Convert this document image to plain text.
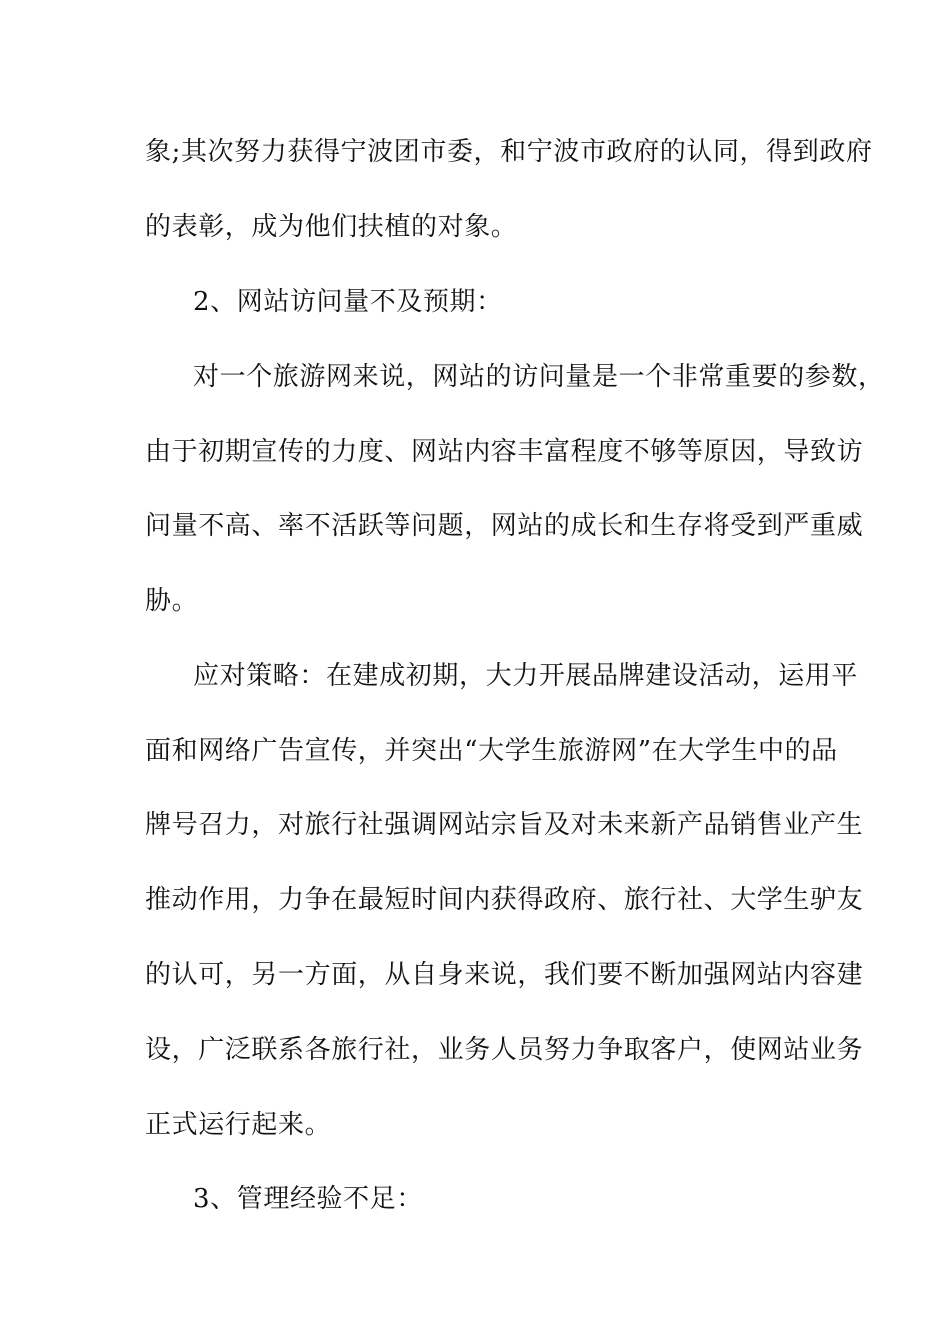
象;其次努力获得宁波团市委，和宁波市政府的认同，得到政府
的表彰，成为他们扶植的对象。
2、网站访问量不及预期：
对一个旅游网来说，网站的访问量是一个非常重要的参数，
由于初期宣传的力度、网站内容丰富程度不够等原因，导致访
问量不高、率不活跃等问题，网站的成长和生存将受到严重威
胁。
应对策略：在建成初期，大力开展品牌建设活动，运用平
面和网络广告宣传，并突出“大学生旅游网”在大学生中的品
牌号召力，对旅行社强调网站宗旨及对未来新产品销售业产生
推动作用，力争在最短时间内获得政府、旅行社、大学生驴友
的认可，另一方面，从自身来说，我们要不断加强网站内容建
设，广泛联系各旅行社，业务人员努力争取客户，使网站业务
正式运行起来。
3、管理经验不足：
